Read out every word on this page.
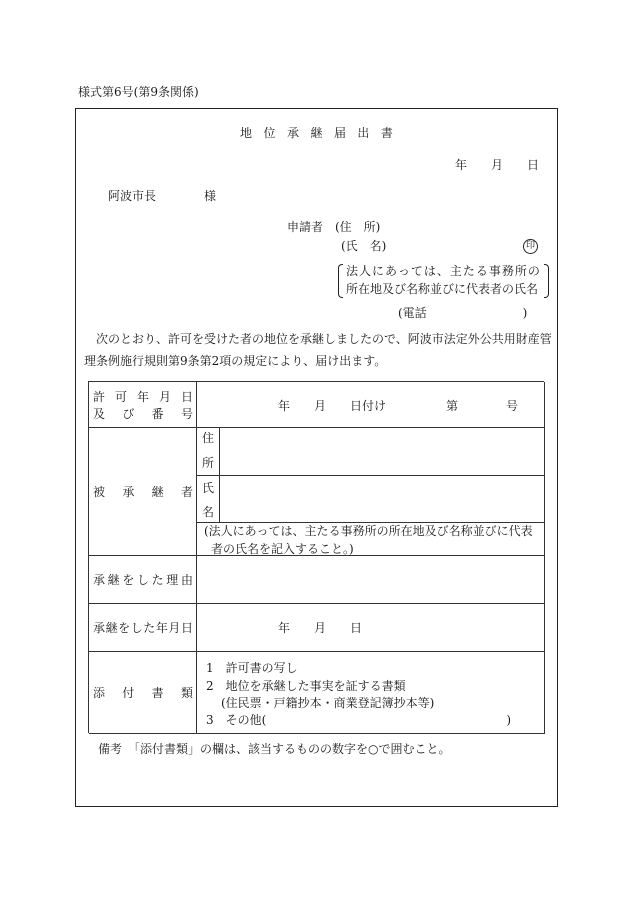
様式第6号(第9条関係)
地 位 承 継 届 出 書
年　　月　　日
阿波市長　　　　様
申請者　(住　所)
(氏　名)	印
法人にあっては、主たる事務所の
所在地及び名称並びに代表者の氏名
(電話　　　　　　　　)
　次のとおり、許可を受けた者の地位を承継しましたので、阿波市法定外公共用財産管
理条例施行規則第9条第2項の規定により、届け出ます。
許 可 年 月 日
及 び 番 号
年　　月　　日付け　　　　　第　　　　号
被 承 継 者
住
所
氏
名
(法人にあっては、主たる事務所の所在地及び名称並びに代表
者の氏名を記入すること。)
承 継 を し た 理 由
承 継 を し た 年 月 日	年　　月　　日
添 付 書 類
1　許可書の写し
2　地位を承継した事実を証する書類
(住民票・戸籍抄本・商業登記簿抄本等)
3　その他(　　　　　　　　　　　　　　　　　　　　)
備考　「添付書類」の欄は、該当するものの数字を○で囲むこと。
